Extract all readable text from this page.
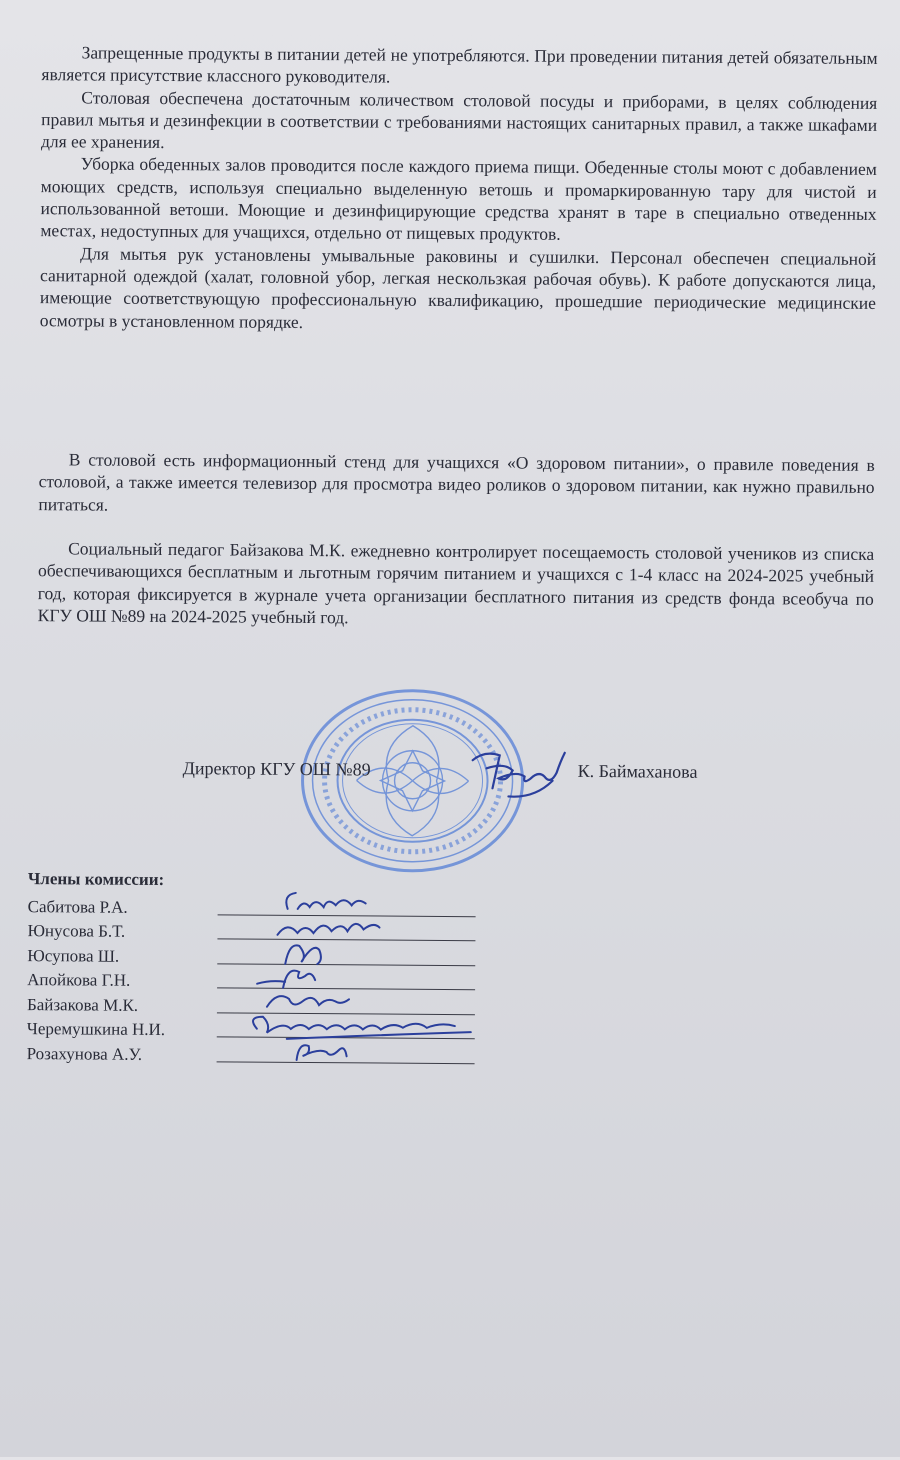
Запрещенные продукты в питании детей не употребляются. При проведении питания детей обязательным является присутствие классного руководителя.

Столовая обеспечена достаточным количеством столовой посуды и приборами, в целях соблюдения правил мытья и дезинфекции в соответствии с требованиями настоящих санитарных правил, а также шкафами для ее хранения.

Уборка обеденных залов проводится после каждого приема пищи. Обеденные столы моют с добавлением моющих средств, используя специально выделенную ветошь и промаркированную тару для чистой и использованной ветоши. Моющие и дезинфицирующие средства хранят в таре в специально отведенных местах, недоступных для учащихся, отдельно от пищевых продуктов.

Для мытья рук установлены умывальные раковины и сушилки. Персонал обеспечен специальной санитарной одеждой (халат, головной убор, легкая нескользкая рабочая обувь). К работе допускаются лица, имеющие соответствующую профессиональную квалификацию, прошедшие периодические медицинские осмотры в установленном порядке.

В столовой есть информационный стенд для учащихся «О здоровом питании», о правиле поведения в столовой, а также имеется телевизор для просмотра видео роликов о здоровом питании, как нужно правильно питаться.

Социальный педагог Байзакова М.К. ежедневно контролирует посещаемость столовой учеников из списка обеспечивающихся бесплатным и льготным горячим питанием и учащихся с 1-4 класс на 2024-2025 учебный год, которая фиксируется в журнале учета организации бесплатного питания из средств фонда всеобуча по КГУ ОШ №89 на 2024-2025 учебный год.

Директор КГУ ОШ №89	К. Баймаханова
Члены комиссии:
Сабитова Р.А.
Юнусова Б.Т.
Юсупова Ш.
Апойкова Г.Н.
Байзакова М.К.
Черемушкина Н.И.
Розахунова А.У.
